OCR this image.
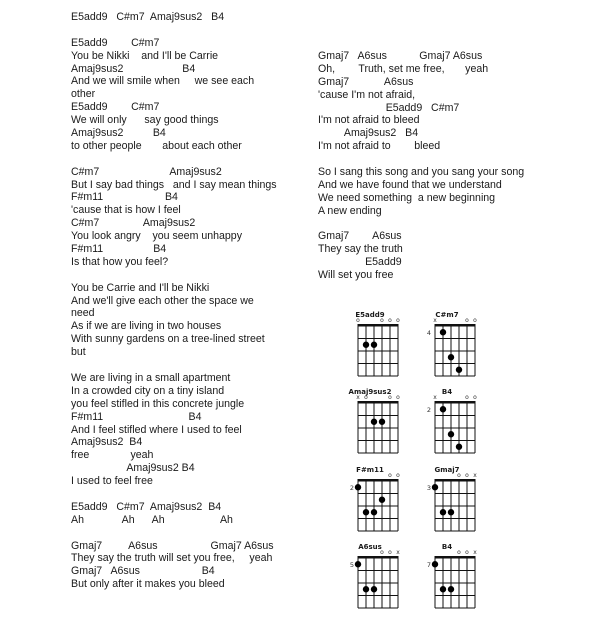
E5add9   C#m7  Amaj9sus2   B4
E5add9        C#m7
You be Nikki    and I'll be Carrie
Amaj9sus2                    B4
And we will smile when     we see each
other
E5add9        C#m7
We will only      say good things
Amaj9sus2          B4
to other people       about each other
C#m7                        Amaj9sus2
But I say bad things   and I say mean things
F#m11                     B4
'cause that is how I feel
C#m7               Amaj9sus2
You look angry    you seem unhappy
F#m11                 B4
Is that how you feel?
You be Carrie and I'll be Nikki
And we'll give each other the space we
need
As if we are living in two houses
With sunny gardens on a tree-lined street
but
We are living in a small apartment
In a crowded city on a tiny island
you feel stifled in this concrete jungle
F#m11                             B4
And I feel stifled where I used to feel
Amaj9sus2  B4
free              yeah
Amaj9sus2 B4
I used to feel free
E5add9   C#m7  Amaj9sus2  B4
Ah             Ah      Ah                   Ah
Gmaj7         A6sus                  Gmaj7 A6sus
They say the truth will set you free,     yeah
Gmaj7   A6sus                     B4
But only after it makes you bleed
Gmaj7   A6sus           Gmaj7 A6sus
Oh,        Truth, set me free,       yeah
Gmaj7            A6sus
'cause I'm not afraid,
E5add9   C#m7
I'm not afraid to bleed
Amaj9sus2   B4
I'm not afraid to        bleed
So I sang this song and you sang your song
And we have found that we understand
We need something  a new beginning
A new ending
Gmaj7        A6sus
They say the truth
E5add9
Will set you free
E5add9
o	o o o
C#m7
x	o o
4
Amaj9sus2
x o	o o
B4
x	o o
2
F#m11
o o
2
Gmaj7
o o x
3
A6sus
o o x
5
B4
o o x
7
